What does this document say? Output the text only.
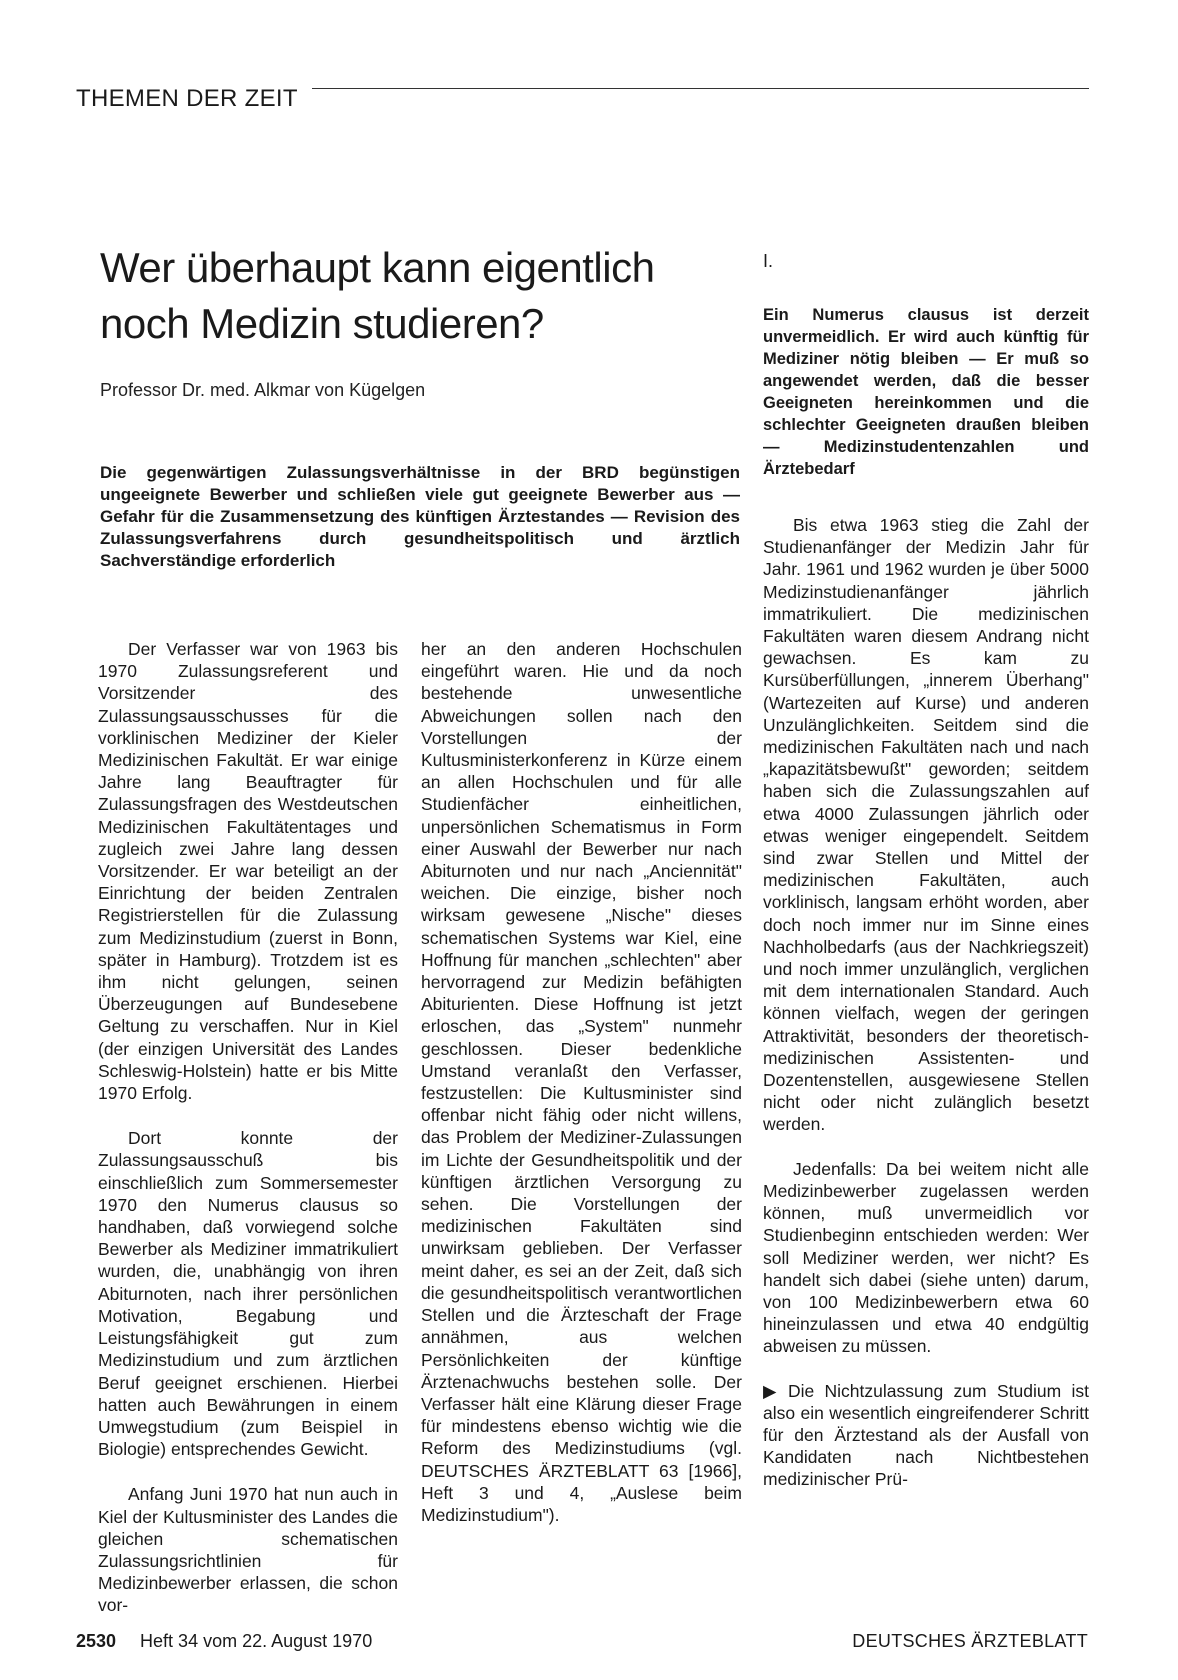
THEMEN DER ZEIT
Wer überhaupt kann eigentlich noch Medizin studieren?
Professor Dr. med. Alkmar von Kügelgen
Die gegenwärtigen Zulassungsverhältnisse in der BRD begünstigen ungeeignete Bewerber und schließen viele gut geeignete Bewerber aus — Gefahr für die Zusammensetzung des künftigen Ärztestandes — Revision des Zulassungsverfahrens durch gesundheitspolitisch und ärztlich Sachverständige erforderlich

Der Verfasser war von 1963 bis 1970 Zulassungsreferent und Vorsitzender des Zulassungsausschusses für die vorklinischen Mediziner der Kieler Medizinischen Fakultät. Er war einige Jahre lang Beauftragter für Zulassungsfragen des Westdeutschen Medizinischen Fakultätentages und zugleich zwei Jahre lang dessen Vorsitzender. Er war beteiligt an der Einrichtung der beiden Zentralen Registrierstellen für die Zulassung zum Medizinstudium (zuerst in Bonn, später in Hamburg). Trotzdem ist es ihm nicht gelungen, seinen Überzeugungen auf Bundesebene Geltung zu verschaffen. Nur in Kiel (der einzigen Universität des Landes Schleswig-Holstein) hatte er bis Mitte 1970 Erfolg.

Dort konnte der Zulassungsausschuß bis einschließlich zum Sommersemester 1970 den Numerus clausus so handhaben, daß vorwiegend solche Bewerber als Mediziner immatrikuliert wurden, die, unabhängig von ihren Abiturnoten, nach ihrer persönlichen Motivation, Begabung und Leistungsfähigkeit gut zum Medizinstudium und zum ärztlichen Beruf geeignet erschienen. Hierbei hatten auch Bewährungen in einem Umwegstudium (zum Beispiel in Biologie) entsprechendes Gewicht.

Anfang Juni 1970 hat nun auch in Kiel der Kultusminister des Landes die gleichen schematischen Zulassungsrichtlinien für Medizinbewerber erlassen, die schon vor-

her an den anderen Hochschulen eingeführt waren. Hie und da noch bestehende unwesentliche Abweichungen sollen nach den Vorstellungen der Kultusministerkonferenz in Kürze einem an allen Hochschulen und für alle Studienfächer einheitlichen, unpersönlichen Schematismus in Form einer Auswahl der Bewerber nur nach Abiturnoten und nur nach „Anciennität" weichen. Die einzige, bisher noch wirksam gewesene „Nische" dieses schematischen Systems war Kiel, eine Hoffnung für manchen „schlechten" aber hervorragend zur Medizin befähigten Abiturienten. Diese Hoffnung ist jetzt erloschen, das „System" nunmehr geschlossen. Dieser bedenkliche Umstand veranlaßt den Verfasser, festzustellen: Die Kultusminister sind offenbar nicht fähig oder nicht willens, das Problem der Mediziner-Zulassungen im Lichte der Gesundheitspolitik und der künftigen ärztlichen Versorgung zu sehen. Die Vorstellungen der medizinischen Fakultäten sind unwirksam geblieben. Der Verfasser meint daher, es sei an der Zeit, daß sich die gesundheitspolitisch verantwortlichen Stellen und die Ärzteschaft der Frage annähmen, aus welchen Persönlichkeiten der künftige Ärztenachwuchs bestehen solle. Der Verfasser hält eine Klärung dieser Frage für mindestens ebenso wichtig wie die Reform des Medizinstudiums (vgl. DEUTSCHES ÄRZTEBLATT 63 [1966], Heft 3 und 4, „Auslese beim Medizinstudium").

I.
Ein Numerus clausus ist derzeit unvermeidlich. Er wird auch künftig für Mediziner nötig bleiben — Er muß so angewendet werden, daß die besser Geeigneten hereinkommen und die schlechter Geeigneten draußen bleiben — Medizinstudentenzahlen und Ärztebedarf

Bis etwa 1963 stieg die Zahl der Studienanfänger der Medizin Jahr für Jahr. 1961 und 1962 wurden je über 5000 Medizinstudienanfänger jährlich immatrikuliert. Die medizinischen Fakultäten waren diesem Andrang nicht gewachsen. Es kam zu Kursüberfüllungen, „innerem Überhang" (Wartezeiten auf Kurse) und anderen Unzulänglichkeiten. Seitdem sind die medizinischen Fakultäten nach und nach „kapazitätsbewußt" geworden; seitdem haben sich die Zulassungszahlen auf etwa 4000 Zulassungen jährlich oder etwas weniger eingependelt. Seitdem sind zwar Stellen und Mittel der medizinischen Fakultäten, auch vorklinisch, langsam erhöht worden, aber doch noch immer nur im Sinne eines Nachholbedarfs (aus der Nachkriegszeit) und noch immer unzulänglich, verglichen mit dem internationalen Standard. Auch können vielfach, wegen der geringen Attraktivität, besonders der theoretisch-medizinischen Assistenten- und Dozentenstellen, ausgewiesene Stellen nicht oder nicht zulänglich besetzt werden.

Jedenfalls: Da bei weitem nicht alle Medizinbewerber zugelassen werden können, muß unvermeidlich vor Studienbeginn entschieden werden: Wer soll Mediziner werden, wer nicht? Es handelt sich dabei (siehe unten) darum, von 100 Medizinbewerbern etwa 60 hineinzulassen und etwa 40 endgültig abweisen zu müssen.

▶ Die Nichtzulassung zum Studium ist also ein wesentlich eingreifenderer Schritt für den Ärztestand als der Ausfall von Kandidaten nach Nichtbestehen medizinischer Prü-

2530 Heft 34 vom 22. August 1970	DEUTSCHES ÄRZTEBLATT
